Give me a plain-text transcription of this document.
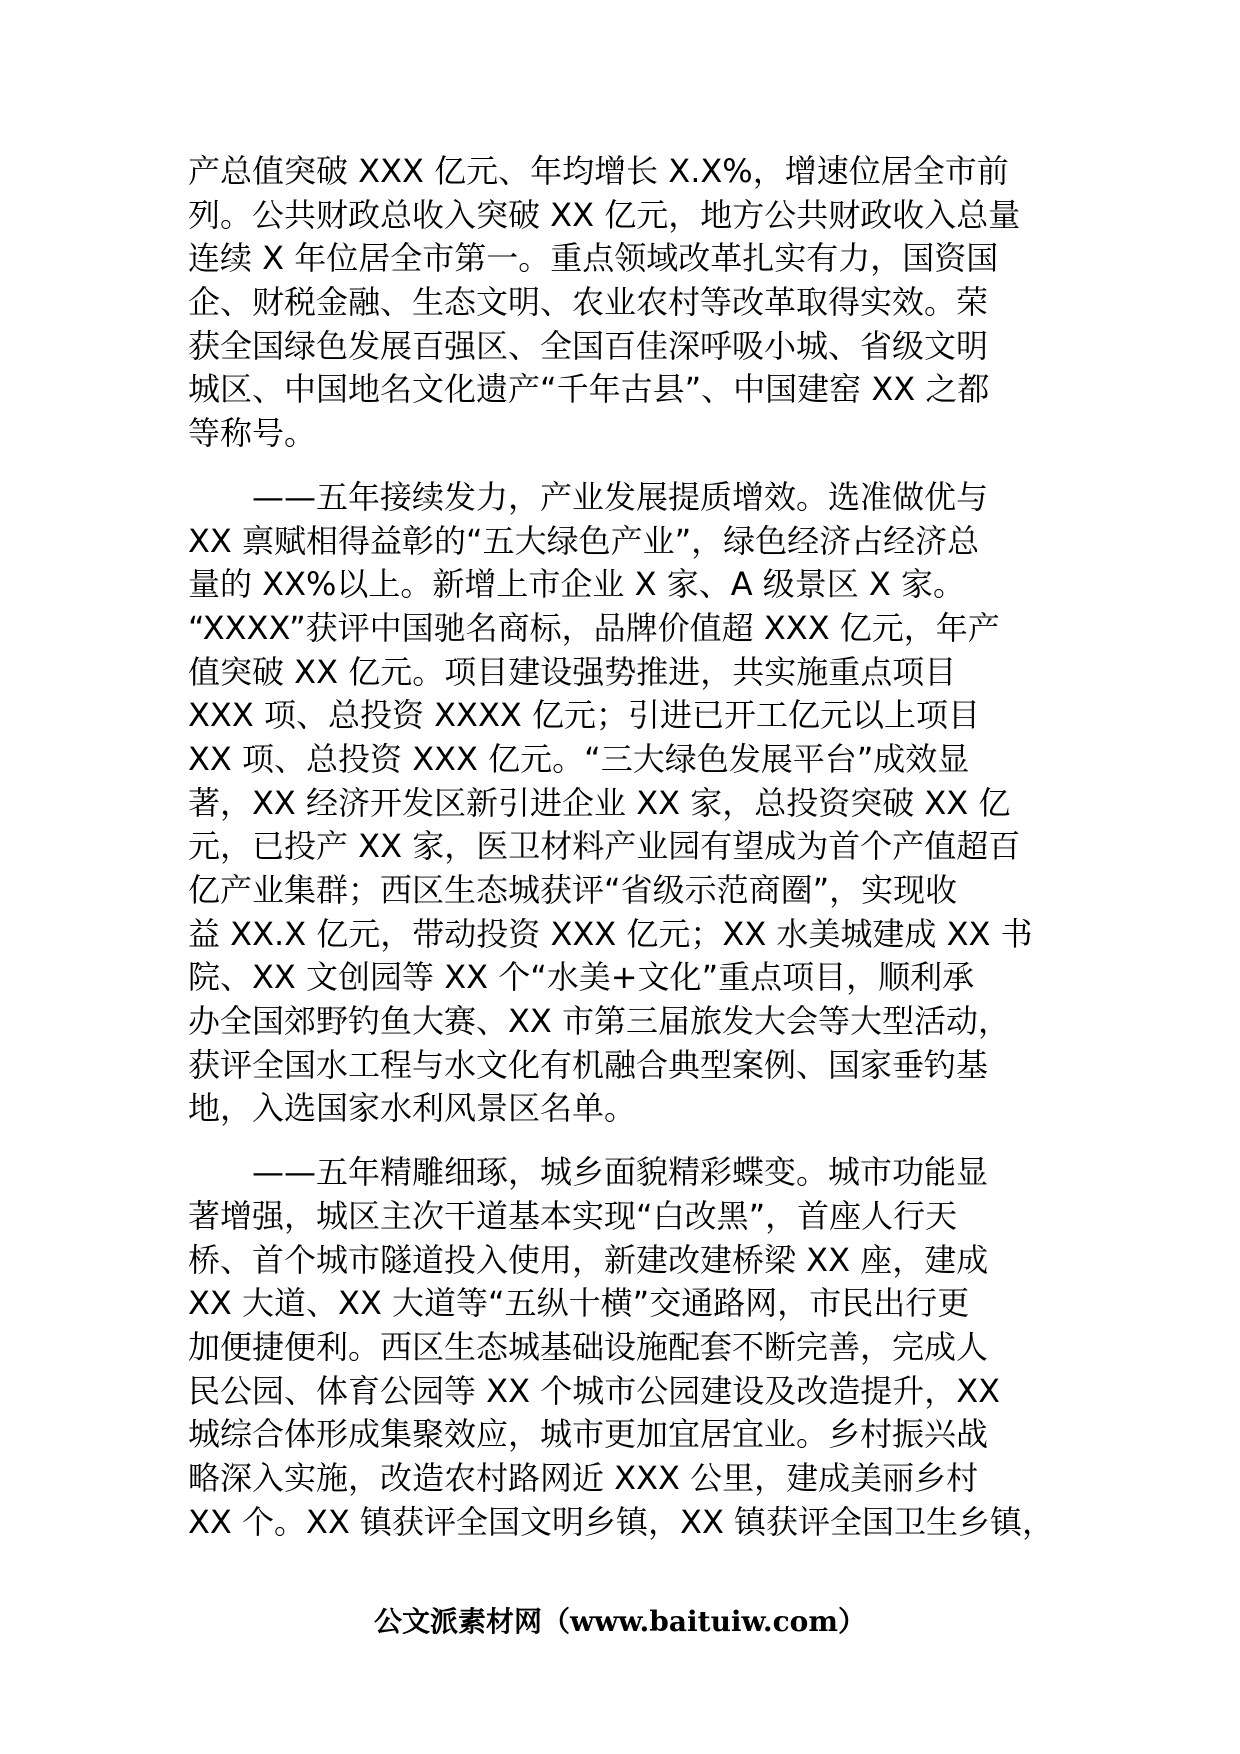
产总值突破 XXX 亿元、年均增长 X.X%，增速位居全市前
列。公共财政总收入突破 XX 亿元，地方公共财政收入总量
连续 X 年位居全市第一。重点领域改革扎实有力，国资国
企、财税金融、生态文明、农业农村等改革取得实效。荣
获全国绿色发展百强区、全国百佳深呼吸小城、省级文明
城区、中国地名文化遗产“千年古县”、中国建窑 XX 之都
等称号。
——五年接续发力，产业发展提质增效。选准做优与
XX 禀赋相得益彰的“五大绿色产业”，绿色经济占经济总
量的 XX%以上。新增上市企业 X 家、A 级景区 X 家。
“XXXX”获评中国驰名商标，品牌价值超 XXX 亿元，年产
值突破 XX 亿元。项目建设强势推进，共实施重点项目
XXX 项、总投资 XXXX 亿元；引进已开工亿元以上项目
XX 项、总投资 XXX 亿元。“三大绿色发展平台”成效显
著，XX 经济开发区新引进企业 XX 家，总投资突破 XX 亿
元，已投产 XX 家，医卫材料产业园有望成为首个产值超百
亿产业集群；西区生态城获评“省级示范商圈”，实现收
益 XX.X 亿元，带动投资 XXX 亿元；XX 水美城建成 XX 书
院、XX 文创园等 XX 个“水美+文化”重点项目，顺利承
办全国郊野钓鱼大赛、XX 市第三届旅发大会等大型活动，
获评全国水工程与水文化有机融合典型案例、国家垂钓基
地，入选国家水利风景区名单。
——五年精雕细琢，城乡面貌精彩蝶变。城市功能显
著增强，城区主次干道基本实现“白改黑”，首座人行天
桥、首个城市隧道投入使用，新建改建桥梁 XX 座，建成
XX 大道、XX 大道等“五纵十横”交通路网，市民出行更
加便捷便利。西区生态城基础设施配套不断完善，完成人
民公园、体育公园等 XX 个城市公园建设及改造提升，XX
城综合体形成集聚效应，城市更加宜居宜业。乡村振兴战
略深入实施，改造农村路网近 XXX 公里，建成美丽乡村
XX 个。XX 镇获评全国文明乡镇，XX 镇获评全国卫生乡镇，
公文派素材网（www.baituiw.com）
